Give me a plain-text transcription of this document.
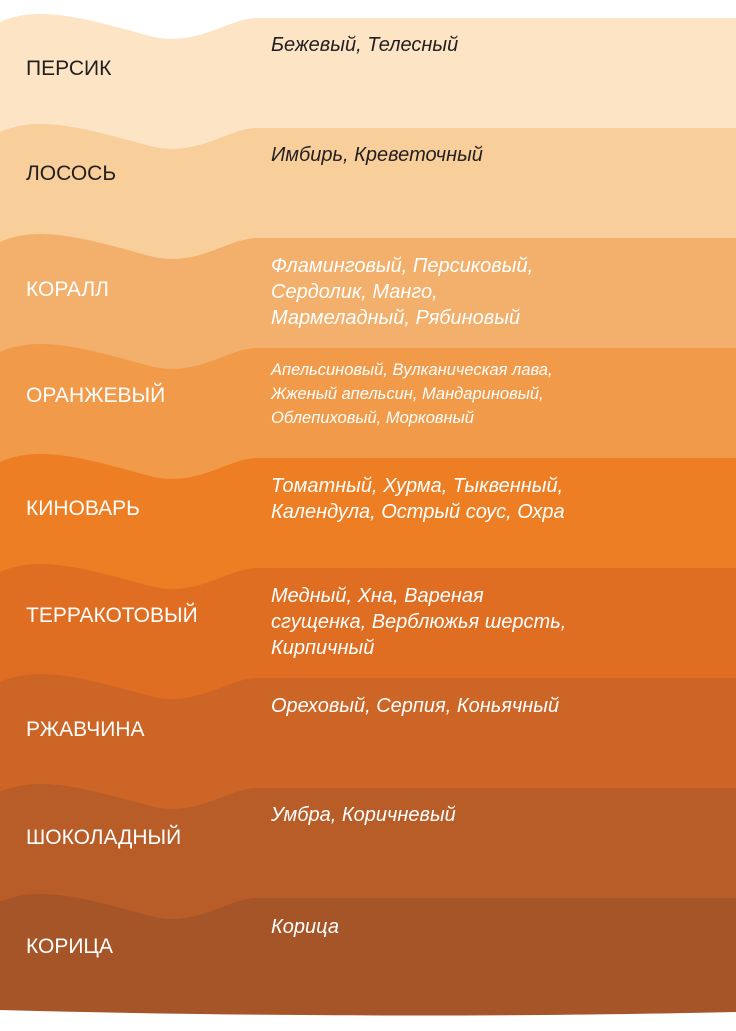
ПЕРСИК
Бежевый, Телесный
ЛОСОСЬ
Имбирь, Креветочный
КОРАЛЛ
Фламинговый, Персиковый,
Сердолик, Манго,
Мармеладный, Рябиновый
ОРАНЖЕВЫЙ
Апельсиновый, Вулканическая лава,
Жженый апельсин, Мандариновый,
Облепиховый, Морковный
КИНОВАРЬ
Томатный, Хурма, Тыквенный,
Календула, Острый соус, Охра
ТЕРРАКОТОВЫЙ
Медный, Хна, Вареная
сгущенка, Верблюжья шерсть,
Кирпичный
РЖАВЧИНА
Ореховый, Серпия, Коньячный
ШОКОЛАДНЫЙ
Умбра, Коричневый
КОРИЦА
Корица
